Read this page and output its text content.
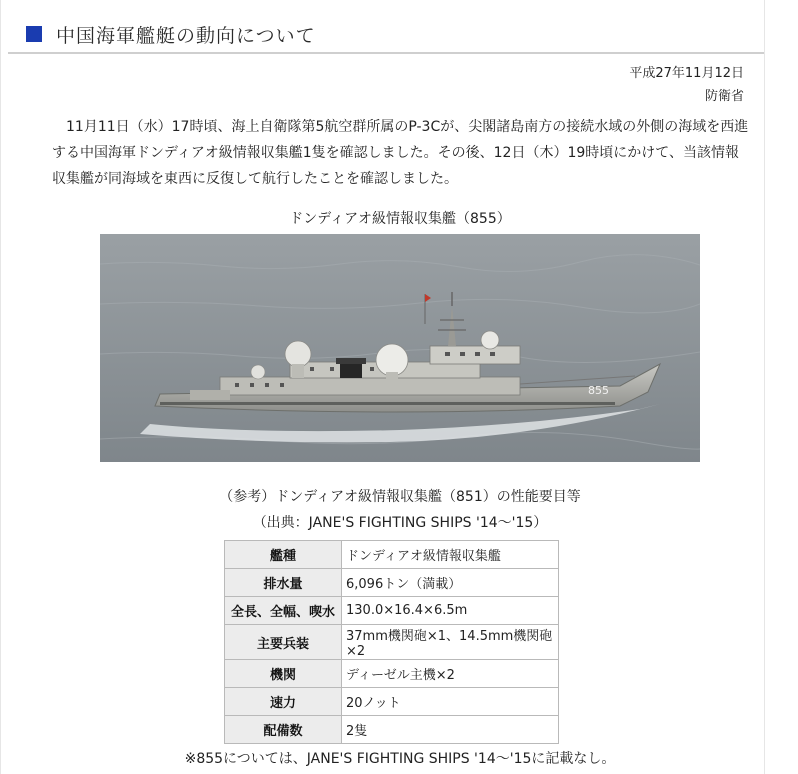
中国海軍艦艇の動向について
平成27年11月12日
防衛省

　11月11日（水）17時頃、海上自衛隊第5航空群所属のP-3Cが、尖閣諸島南方の接続水域の外側の海域を西進する中国海軍ドンディアオ級情報収集艦1隻を確認しました。その後、12日（木）19時頃にかけて、当該情報収集艦が同海域を東西に反復して航行したことを確認しました。

ドンディアオ級情報収集艦（855）
855
（参考）ドンディアオ級情報収集艦（851）の性能要目等
（出典：JANE'S FIGHTING SHIPS '14～'15）
艦種	ドンディアオ級情報収集艦
排水量	6,096トン（満載）
全長、全幅、喫水	130.0×16.4×6.5m
主要兵装	37mm機関砲×1、14.5mm機関砲×2
機関	ディーゼル主機×2
速力	20ノット
配備数	2隻
※855については、JANE'S FIGHTING SHIPS '14～'15に記載なし。
